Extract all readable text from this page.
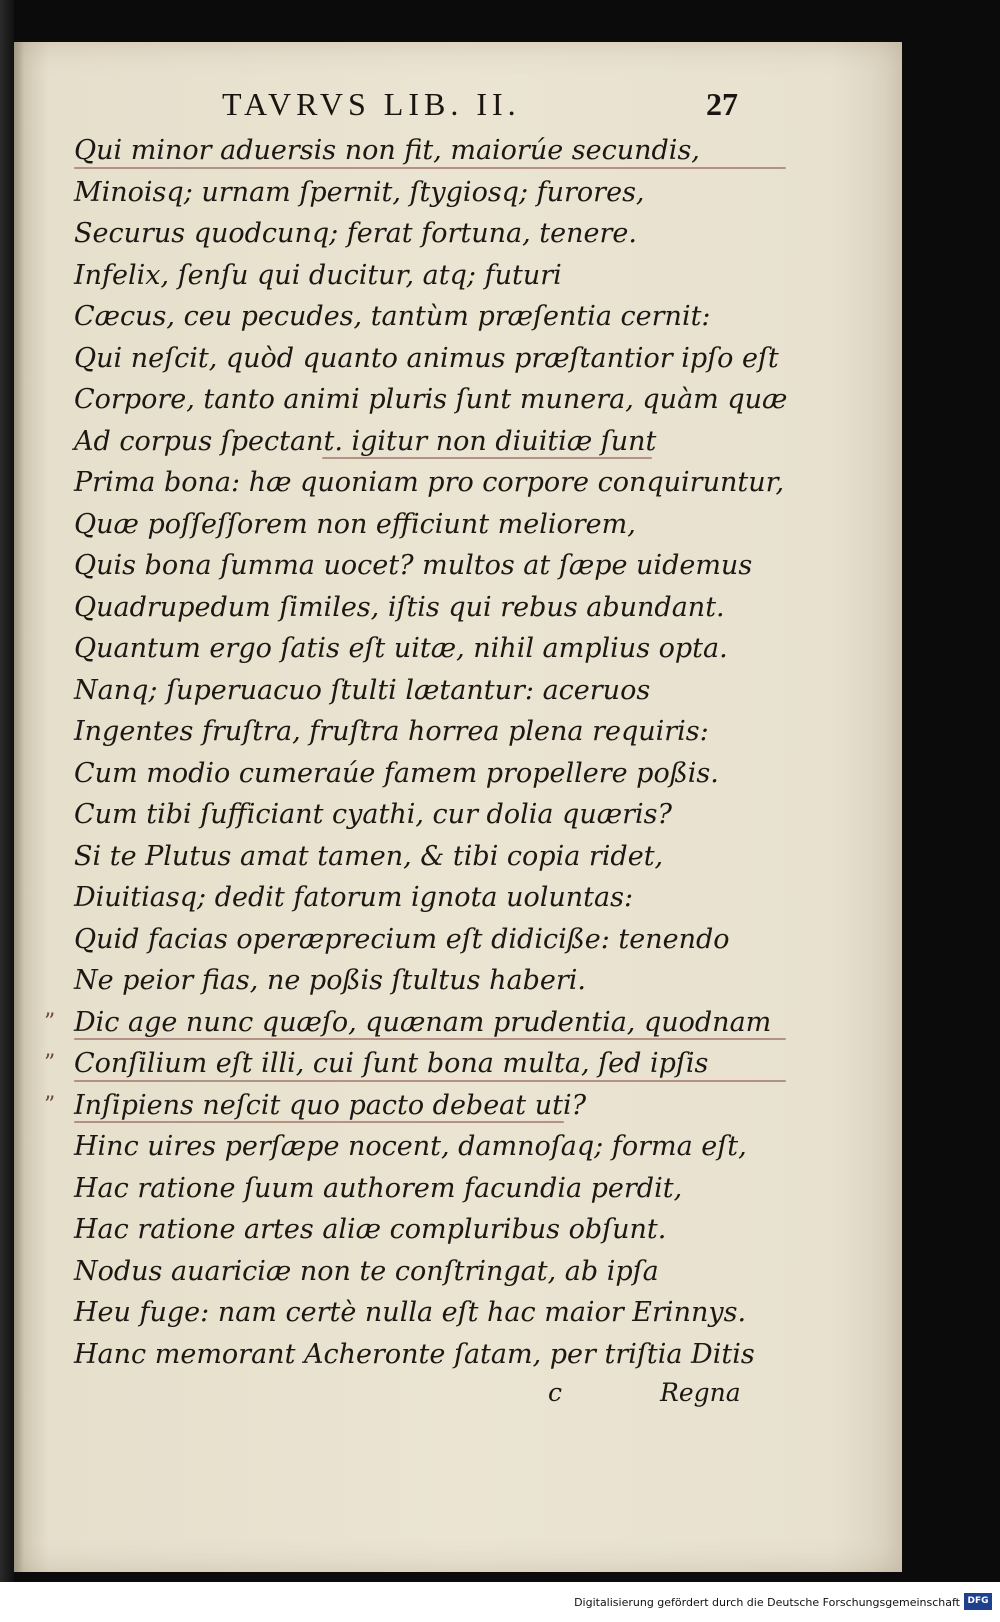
TAVRVS LIB. II.	27
Qui minor aduersis non fit, maiorúe secundis,
Minoisq; urnam ſpernit, ſtygiosq; furores,
Securus quodcunq; ferat fortuna, tenere.
Infelix, ſenſu qui ducitur, atq; futuri
Cæcus, ceu pecudes, tantùm præſentia cernit:
Qui neſcit, quòd quanto animus præſtantior ipſo eſt
Corpore, tanto animi pluris ſunt munera, quàm quæ
Ad corpus ſpectant. igitur non diuitiæ ſunt
Prima bona: hæ quoniam pro corpore conquiruntur,
Quæ poſſeſſorem non efficiunt meliorem,
Quis bona ſumma uocet? multos at ſæpe uidemus
Quadrupedum ſimiles, iſtis qui rebus abundant.
Quantum ergo ſatis eſt uitæ, nihil amplius opta.
Nanq; ſuperuacuo ſtulti lætantur: aceruos
Ingentes fruſtra, fruſtra horrea plena requiris:
Cum modio cumeraúe famem propellere poßis.
Cum tibi ſufficiant cyathi, cur dolia quæris?
Si te Plutus amat tamen, & tibi copia ridet,
Diuitiasq; dedit fatorum ignota uoluntas:
Quid facias operæprecium eſt didiciße: tenendo
Ne peior fias, ne poßis ſtultus haberi.
” Dic age nunc quæſo, quænam prudentia, quodnam
” Conſilium eſt illi, cui ſunt bona multa, ſed ipſis
” Inſipiens neſcit quo pacto debeat uti?
Hinc uires perſæpe nocent, damnoſaq; forma eſt,
Hac ratione ſuum authorem facundia perdit,
Hac ratione artes aliæ compluribus obſunt.
Nodus auariciæ non te conſtringat, ab ipſa
Heu fuge: nam certè nulla eſt hac maior Erinnys.
Hanc memorant Acheronte ſatam, per triſtia Ditis
c	Regna
Digitalisierung gefördert durch die Deutsche Forschungsgemeinschaft DFG
